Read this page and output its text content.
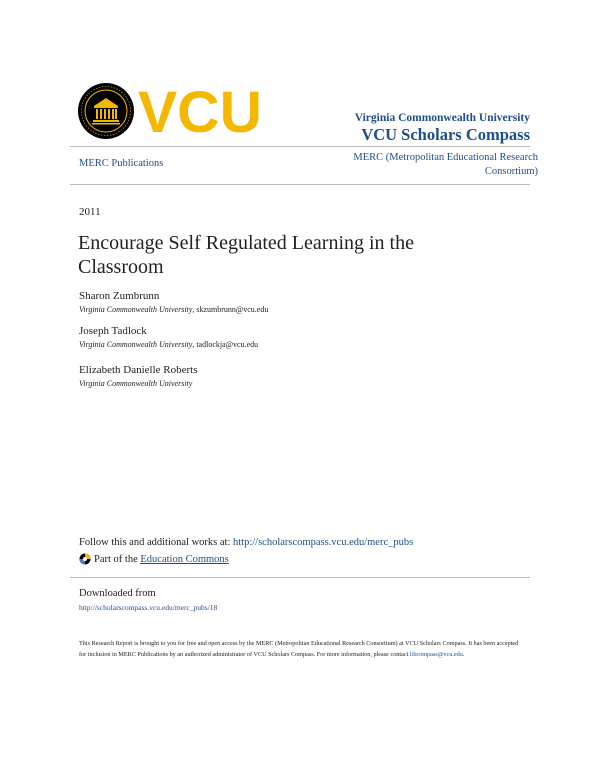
VCU	Virginia Commonwealth University
VCU Scholars Compass
MERC Publications
MERC (Metropolitan Educational Research Consortium)
2011
Encourage Self Regulated Learning in the
Classroom
Sharon Zumbrunn
Virginia Commonwealth University, skzumbrunn@vcu.edu
Joseph Tadlock
Virginia Commonwealth University, tadlockja@vcu.edu
Elizabeth Danielle Roberts
Virginia Commonwealth University
Follow this and additional works at: http://scholarscompass.vcu.edu/merc_pubs
Part of the
Education Commons
Downloaded from
http://scholarscompass.vcu.edu/merc_pubs/18
This Research Report is brought to you for free and open access by the MERC (Metropolitan Educational Research Consortium) at VCU Scholars Compass. It has been accepted for inclusion in MERC Publications by an authorized administrator of VCU Scholars Compass. For more information, please contact libcompass@vcu.edu.
